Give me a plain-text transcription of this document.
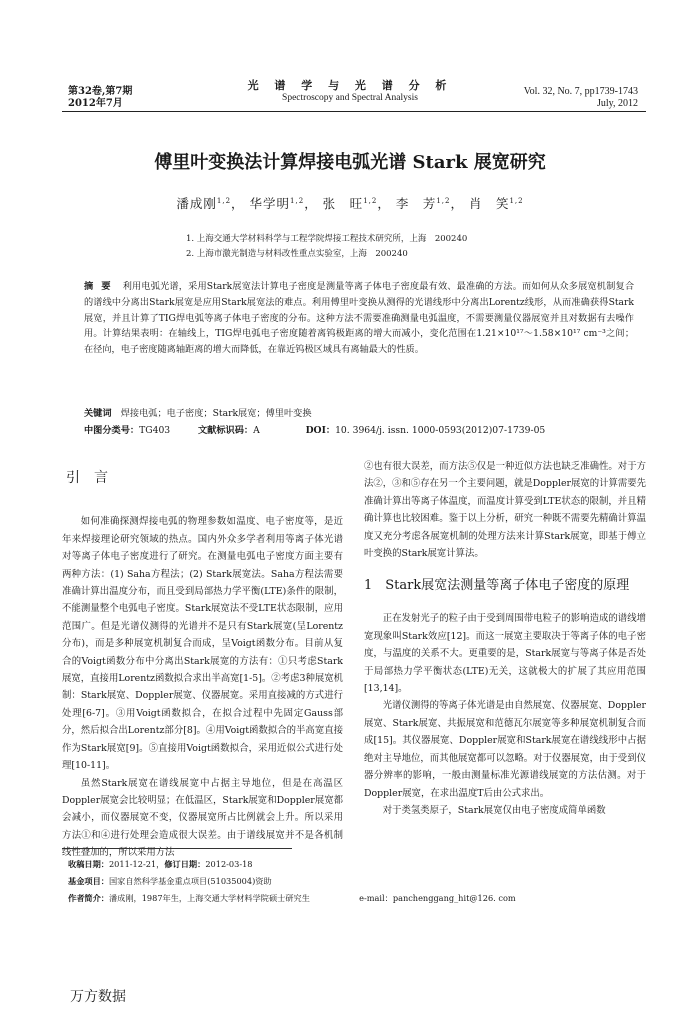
第32卷,第7期
2012年7月
光 谱 学 与 光 谱 分 析
Spectroscopy and Spectral Analysis
Vol. 32, No. 7, pp1739-1743
July, 2012
傅里叶变换法计算焊接电弧光谱 Stark 展宽研究
潘成刚$^{1,2}$， 华学明$^{1,2}$， 张　旺$^{1,2}$， 李　芳$^{1,2}$， 肖　笑$^{1,2}$
1. 上海交通大学材料科学与工程学院焊接工程技术研究所，上海　200240
2. 上海市激光制造与材料改性重点实验室，上海　200240
摘要 利用电弧光谱，采用Stark展宽法计算电子密度是测量等离子体电子密度最有效、最准确的方法。而如何从众多展宽机制复合的谱线中分离出Stark展宽是应用Stark展宽法的难点。利用傅里叶变换从测得的光谱线形中分离出Lorentz线形，从而准确获得Stark展宽，并且计算了TIG焊电弧等离子体电子密度的分布。这种方法不需要准确测量电弧温度，不需要测量仪器展宽并且对数据有去噪作用。计算结果表明：在轴线上，TIG焊电弧电子密度随着离钨极距离的增大而减小，变化范围在1.21×10¹⁷～1.58×10¹⁷ cm⁻³之间；在径向，电子密度随离轴距离的增大而降低，在靠近钨极区域具有离轴最大的性质。
关键词　 焊接电弧；电子密度；Stark展宽；傅里叶变换
中图分类号：TG403	文献标识码：A	DOI：10. 3964/j. issn. 1000-0593(2012)07-1739-05
引　言

如何准确探测焊接电弧的物理参数如温度、电子密度等，是近年来焊接理论研究领域的热点。国内外众多学者利用等离子体光谱对等离子体电子密度进行了研究。在测量电弧电子密度方面主要有两种方法：(1) Saha方程法；(2) Stark展宽法。Saha方程法需要准确计算出温度分布，而且受到局部热力学平衡(LTE)条件的限制，不能测量整个电弧电子密度。Stark展宽法不受LTE状态限制，应用范围广。但是光谱仪测得的光谱并不是只有Stark展宽(呈Lorentz分布)，而是多种展宽机制复合而成，呈Voigt函数分布。目前从复合的Voigt函数分布中分离出Stark展宽的方法有：①只考虑Stark展宽，直接用Lorentz函数拟合求出半高宽[1-5]。②考虑3种展宽机制：Stark展宽、Doppler展宽、仪器展宽。采用直接减的方式进行处理[6-7]。③用Voigt函数拟合，在拟合过程中先固定Gauss部分，然后拟合出Lorentz部分[8]。④用Voigt函数拟合的半高宽直接作为Stark展宽[9]。⑤直接用Voigt函数拟合，采用近似公式进行处理[10-11]。

虽然Stark展宽在谱线展宽中占据主导地位，但是在高温区Doppler展宽会比较明显；在低温区，Stark展宽和Doppler展宽都会减小，而仪器展宽不变，仪器展宽所占比例就会上升。所以采用方法①和④进行处理会造成很大误差。由于谱线展宽并不是各机制线性叠加的，所以采用方法

②也有很大误差，而方法⑤仅是一种近似方法也缺乏准确性。对于方法②，③和⑤存在另一个主要问题，就是Doppler展宽的计算需要先准确计算出等离子体温度，而温度计算受到LTE状态的限制，并且精确计算也比较困难。鉴于以上分析，研究一种既不需要先精确计算温度又充分考虑各展宽机制的处理方法来计算Stark展宽，即基于傅立叶变换的Stark展宽计算法。

1　Stark展宽法测量等离子体电子密度的原理

正在发射光子的粒子由于受到周围带电粒子的影响造成的谱线增宽现象叫Stark效应[12]。而这一展宽主要取决于等离子体的电子密度，与温度的关系不大。更重要的是，Stark展宽与等离子体是否处于局部热力学平衡状态(LTE)无关，这就极大的扩展了其应用范围[13,14]。

光谱仪测得的等离子体光谱是由自然展宽、仪器展宽、Doppler展宽、Stark展宽、共振展宽和范德瓦尔展宽等多种展宽机制复合而成[15]。其仪器展宽、Doppler展宽和Stark展宽在谱线线形中占据绝对主导地位，而其他展宽都可以忽略。对于仪器展宽，由于受到仪器分辨率的影响，一般由测量标准光源谱线展宽的方法估测。对于Doppler展宽，在求出温度T后由公式求出。

对于类氢类原子，Stark展宽仅由电子密度成简单函数

收稿日期：2011-12-21，修订日期：2012-03-18
基金项目：国家自然科学基金重点项目(51035004)资助
作者简介：潘成刚，1987年生，上海交通大学材料学院硕士研究生	e-mail：panchenggang_hit@126. com
万方数据
